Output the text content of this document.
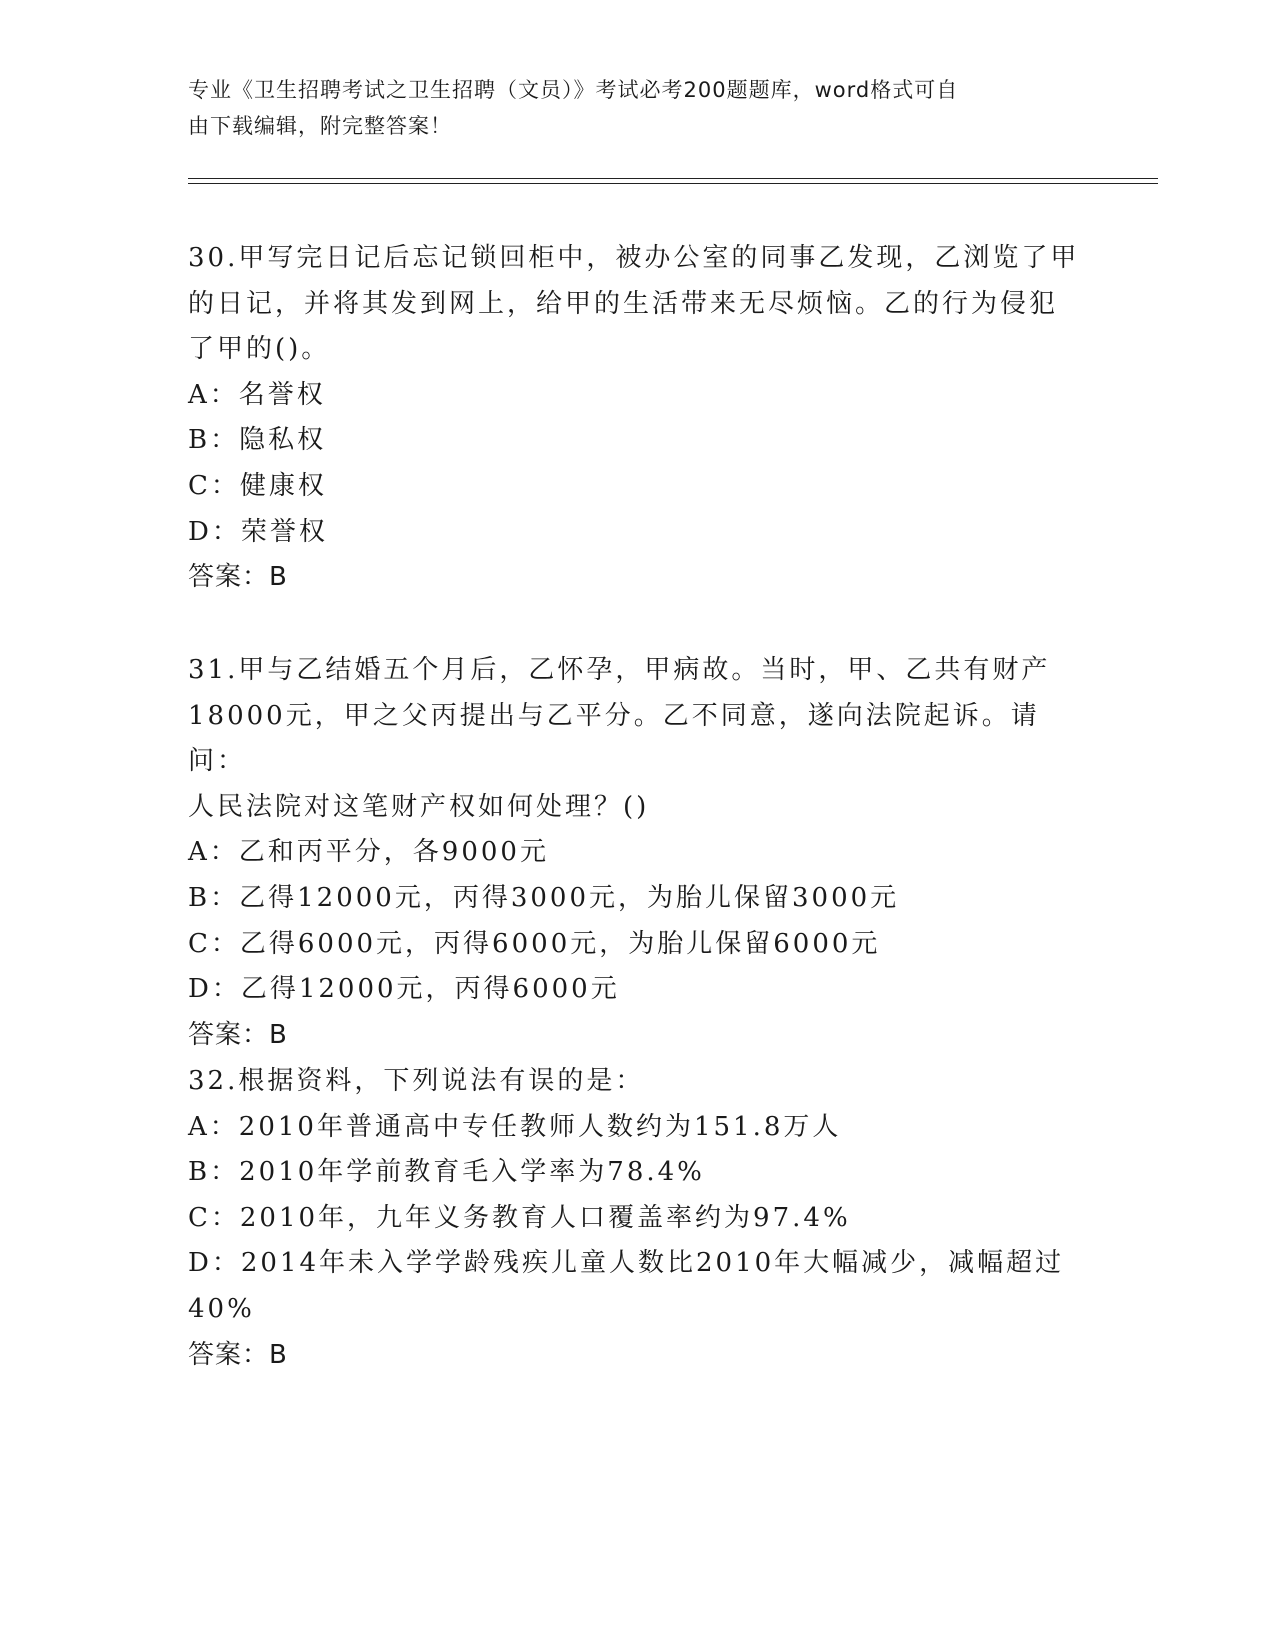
专业《卫生招聘考试之卫生招聘（文员）》考试必考200题题库，word格式可自
由下载编辑，附完整答案！
30.甲写完日记后忘记锁回柜中，被办公室的同事乙发现，乙浏览了甲
的日记，并将其发到网上，给甲的生活带来无尽烦恼。乙的行为侵犯
了甲的()。
A：名誉权
B：隐私权
C：健康权
D：荣誉权
答案：B
31.甲与乙结婚五个月后，乙怀孕，甲病故。当时，甲、乙共有财产
18000元，甲之父丙提出与乙平分。乙不同意，遂向法院起诉。请问：
人民法院对这笔财产权如何处理？()
A：乙和丙平分，各9000元
B：乙得12000元，丙得3000元，为胎儿保留3000元
C：乙得6000元，丙得6000元，为胎儿保留6000元
D：乙得12000元，丙得6000元
答案：B
32.根据资料，下列说法有误的是：
A：2010年普通高中专任教师人数约为151.8万人
B：2010年学前教育毛入学率为78.4%
C：2010年，九年义务教育人口覆盖率约为97.4%
D：2014年未入学学龄残疾儿童人数比2010年大幅减少，减幅超过
40%
答案：B
